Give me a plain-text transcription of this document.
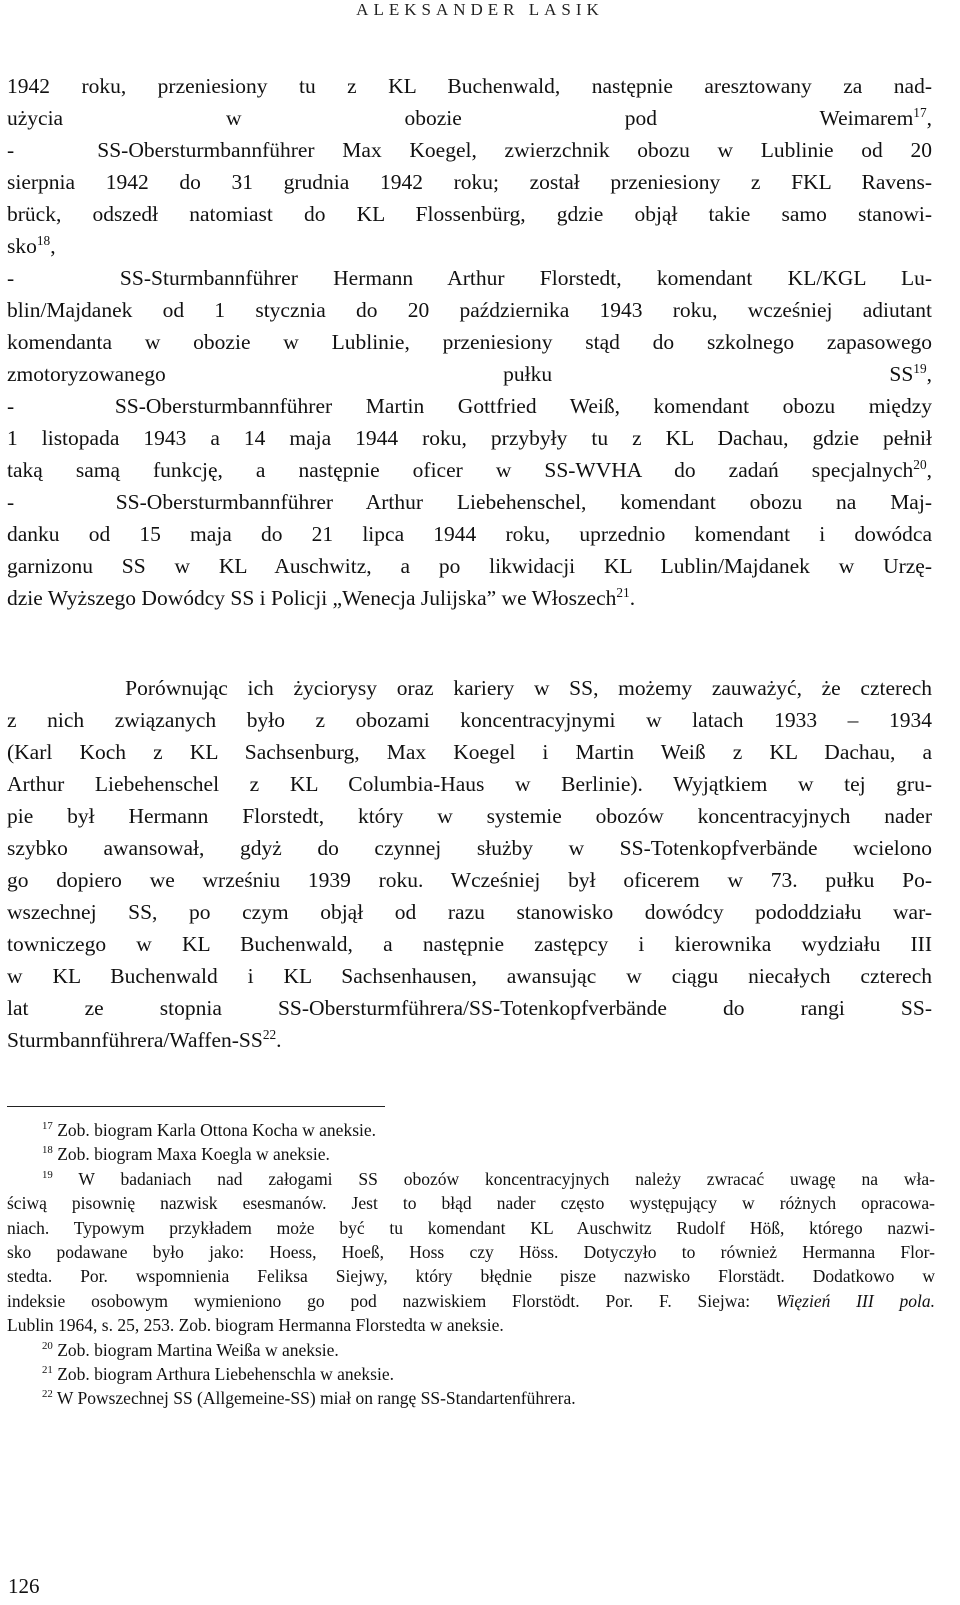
ALEKSANDER LASIK
1942 roku, przeniesiony tu z KL Buchenwald, następnie aresztowany za nad-
użycia w obozie pod Weimarem$^{17}$,
-   SS-Obersturmbannführer Max Koegel, zwierzchnik obozu w Lublinie od 20
sierpnia 1942 do 31 grudnia 1942 roku; został przeniesiony z FKL Ravens-
brück, odszedł natomiast do KL Flossenbürg, gdzie objął takie samo stanowi-
sko$^{18}$,
-   SS-Sturmbannführer Hermann Arthur Florstedt, komendant KL/KGL Lu-
blin/Majdanek od 1 stycznia do 20 października 1943 roku, wcześniej adiutant
komendanta w obozie w Lublinie, przeniesiony stąd do szkolnego zapasowego
zmotoryzowanego pułku SS$^{19}$,
-   SS-Obersturmbannführer Martin Gottfried Weiß, komendant obozu między
1 listopada 1943 a 14 maja 1944 roku, przybyły tu z KL Dachau, gdzie pełnił
taką samą funkcję, a następnie oficer w SS-WVHA do zadań specjalnych$^{20}$,
-   SS-Obersturmbannführer Arthur Liebehenschel, komendant obozu na Maj-
danku od 15 maja do 21 lipca 1944 roku, uprzednio komendant i dowódca
garnizonu SS w KL Auschwitz, a po likwidacji KL Lublin/Majdanek w Urzę-
dzie Wyższego Dowódcy SS i Policji „Wenecja Julijska” we Włoszech$^{21}$.
Porównując ich życiorysy oraz kariery w SS, możemy zauważyć, że czterech
z nich związanych było z obozami koncentracyjnymi w latach 1933 – 1934
(Karl Koch z KL Sachsenburg, Max Koegel i Martin Weiß z KL Dachau, a
Arthur Liebehenschel z KL Columbia-Haus w Berlinie). Wyjątkiem w tej gru-
pie był Hermann Florstedt, który w systemie obozów koncentracyjnych nader
szybko awansował, gdyż do czynnej służby w SS-Totenkopfverbände wcielono
go dopiero we wrześniu 1939 roku. Wcześniej był oficerem w 73. pułku Po-
wszechnej SS, po czym objął od razu stanowisko dowódcy pododdziału war-
towniczego w KL Buchenwald, a następnie zastępcy i kierownika wydziału III
w KL Buchenwald i KL Sachsenhausen, awansując w ciągu niecałych czterech
lat ze stopnia SS-Obersturmführera/SS-Totenkopfverbände do rangi SS-
Sturmbannführera/Waffen-SS$^{22}$.
$^{17}$ Zob. biogram Karla Ottona Kocha w aneksie.
$^{18}$ Zob. biogram Maxa Koegla w aneksie.
$^{19}$ W badaniach nad załogami SS obozów koncentracyjnych należy zwracać uwagę na wła-
ściwą pisownię nazwisk esesmanów. Jest to błąd nader często występujący w różnych opracowa-
niach. Typowym przykładem może być tu komendant KL Auschwitz Rudolf Höß, którego nazwi-
sko podawane było jako: Hoess, Hoeß, Hoss czy Höss. Dotyczyło to również Hermanna Flor-
stedta. Por. wspomnienia Feliksa Siejwy, który błędnie pisze nazwisko Florstädt. Dodatkowo w
indeksie osobowym wymieniono go pod nazwiskiem Florstödt. Por. F. Siejwa: Więzień III pola.
Lublin 1964, s. 25, 253. Zob. biogram Hermanna Florstedta w aneksie.
$^{20}$ Zob. biogram Martina Weißa w aneksie.
$^{21}$ Zob. biogram Arthura Liebehenschla w aneksie.
$^{22}$ W Powszechnej SS (Allgemeine-SS) miał on rangę SS-Standartenführera.
126
